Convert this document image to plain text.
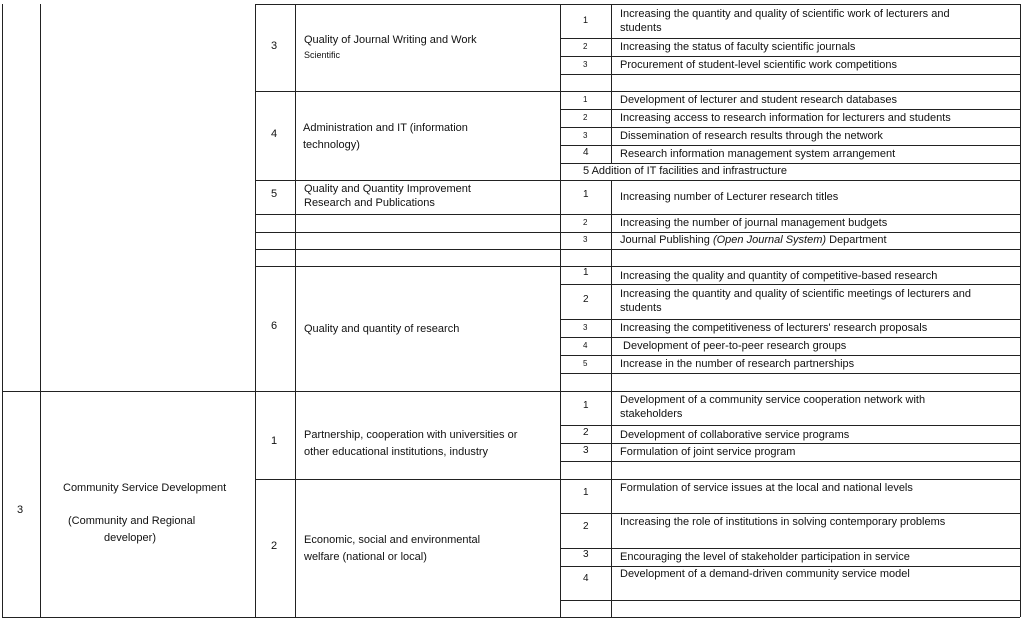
3 Quality of Journal Writing and Work
Scientific
1	Increasing the quantity and quality of scientific work of lecturers and
students
2	Increasing the status of faculty scientific journals
3	Procurement of student-level scientific work competitions
4 Administration and IT (information
technology)
1	Development of lecturer and student research databases
2	Increasing access to research information for lecturers and students
3	Dissemination of research results through the network
4	Research information management system arrangement
5 Addition of IT facilities and infrastructure
5 Quality and Quantity Improvement
Research and Publications
1	Increasing number of Lecturer research titles
2	Increasing the number of journal management budgets
3	Journal Publishing (Open Journal System) Department
6 Quality and quantity of research
1	Increasing the quality and quantity of competitive-based research
2	Increasing the quantity and quality of scientific meetings of lecturers and
students
3	Increasing the competitiveness of lecturers' research proposals
4	Development of peer-to-peer research groups
5	Increase in the number of research partnerships
3
Community Service Development
(Community and Regional
developer)
1 Partnership, cooperation with universities or
other educational institutions, industry
1	Development of a community service cooperation network with
stakeholders
2	Development of collaborative service programs
3	Formulation of joint service program
2 Economic, social and environmental
welfare (national or local)
1	Formulation of service issues at the local and national levels
2	Increasing the role of institutions in solving contemporary problems
3	Encouraging the level of stakeholder participation in service
4	Development of a demand-driven community service model
